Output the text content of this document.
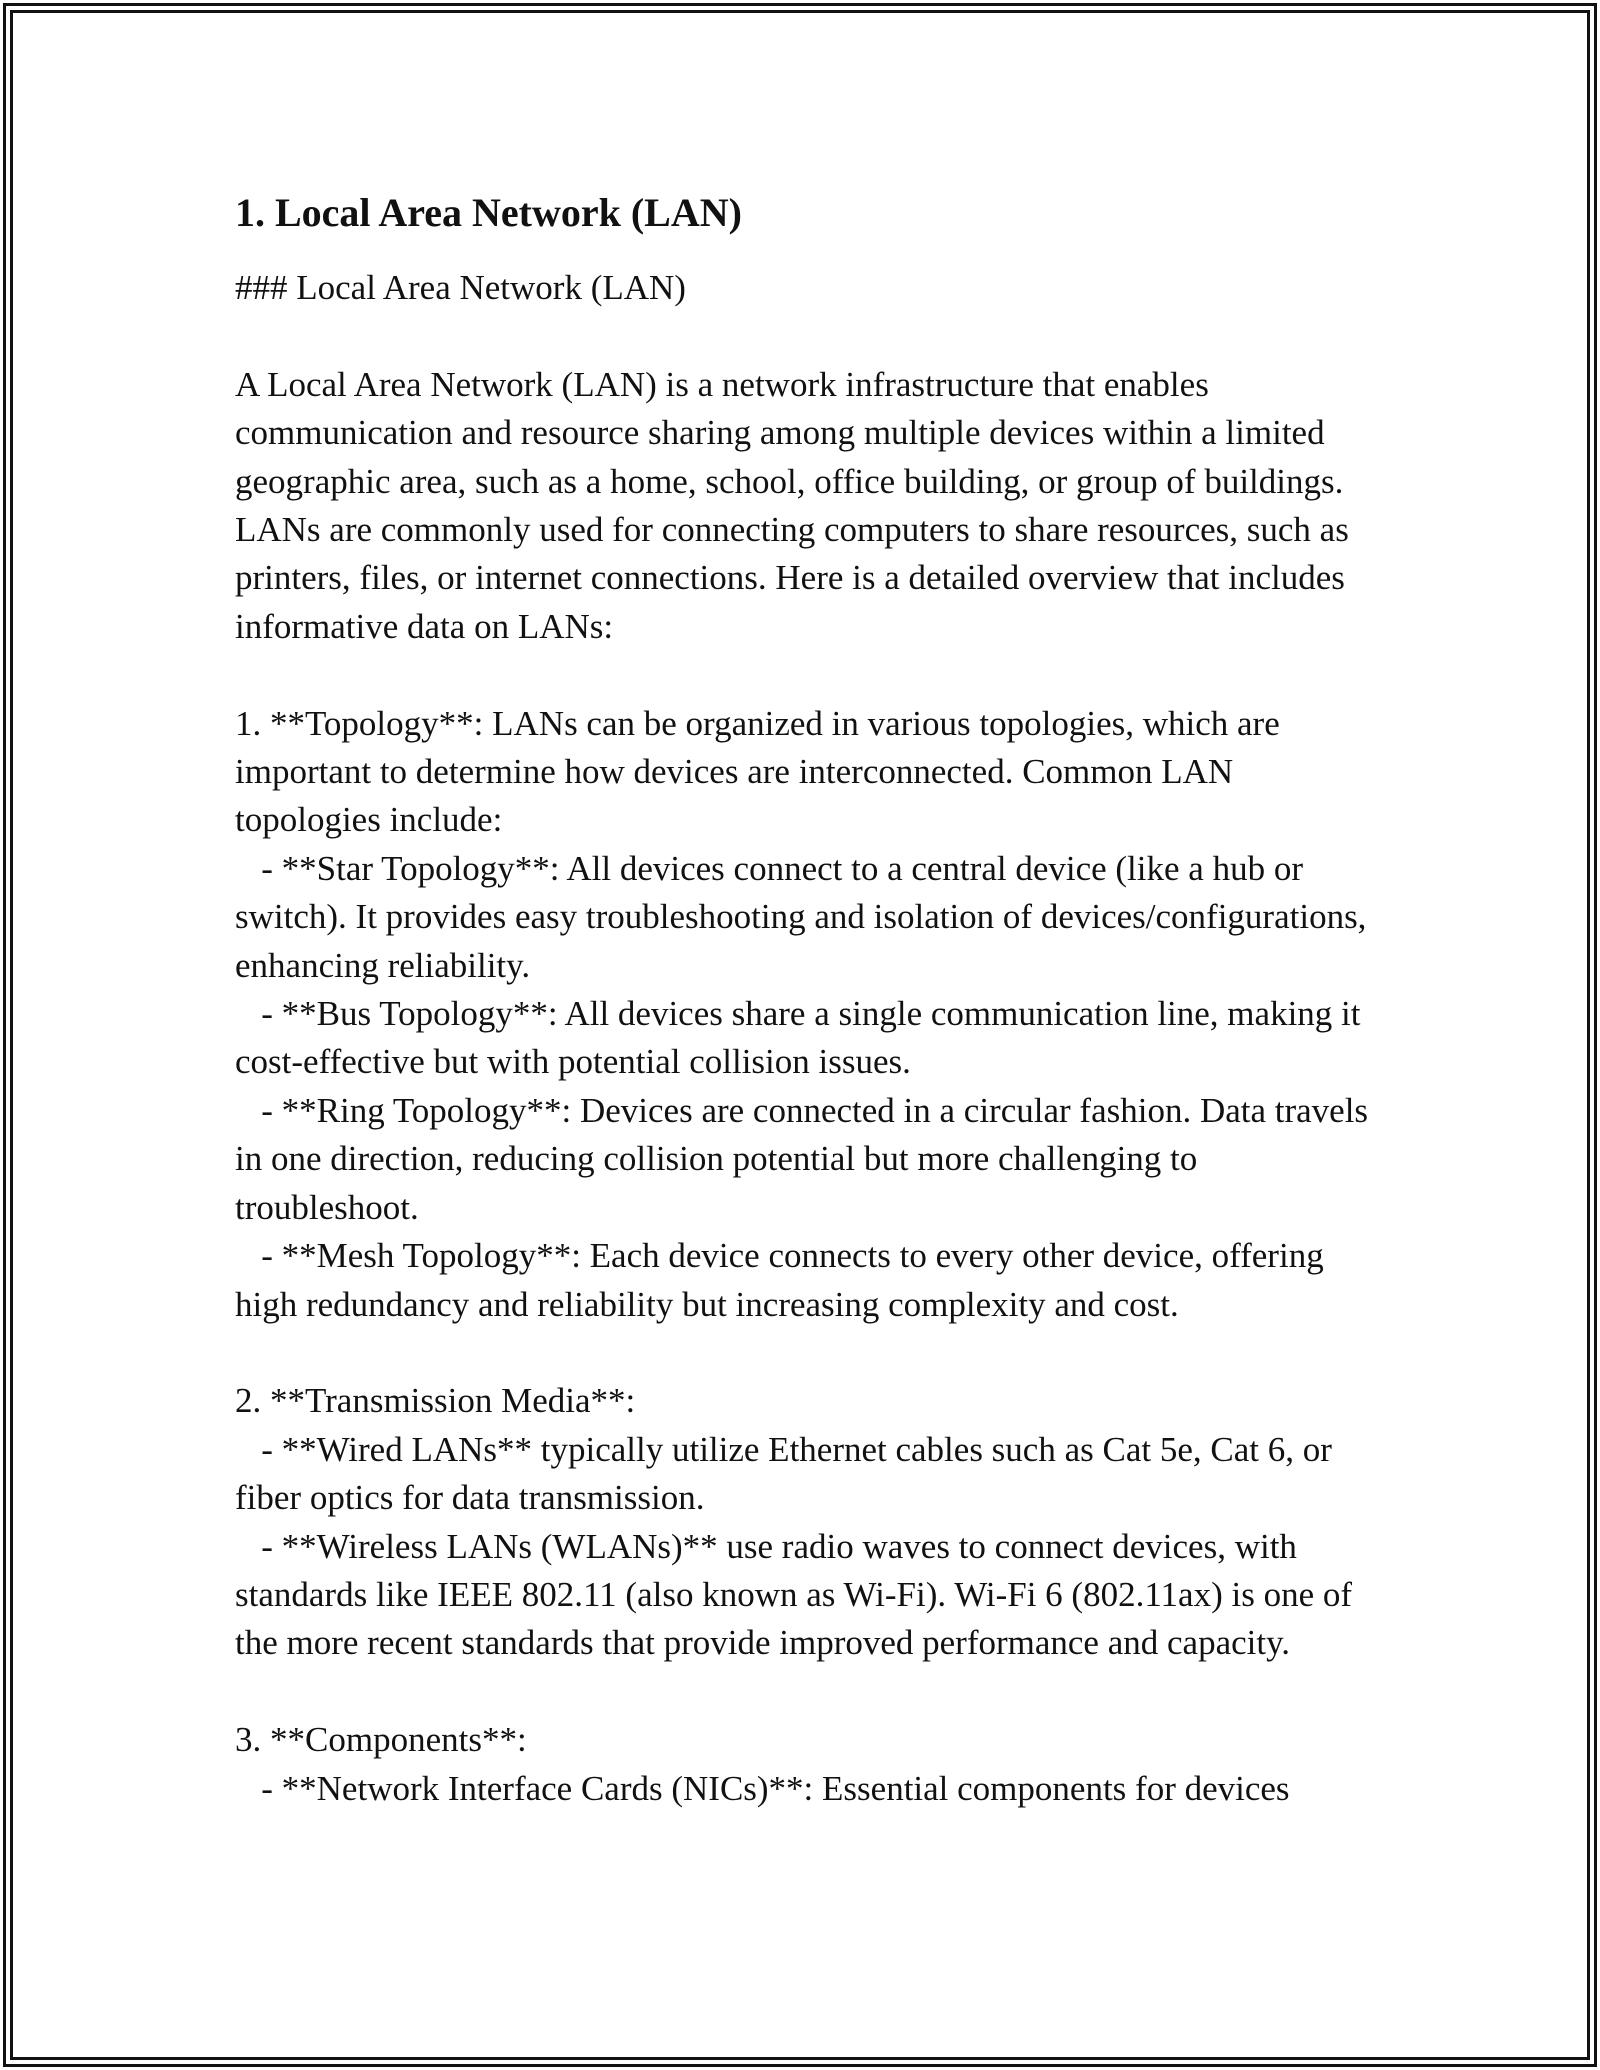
1. Local Area Network (LAN)

### Local Area Network (LAN)

A Local Area Network (LAN) is a network infrastructure that enables communication and resource sharing among multiple devices within a limited geographic area, such as a home, school, office building, or group of buildings. LANs are commonly used for connecting computers to share resources, such as printers, files, or internet connections. Here is a detailed overview that includes informative data on LANs:

1. **Topology**: LANs can be organized in various topologies, which are important to determine how devices are interconnected. Common LAN topologies include:

- **Star Topology**: All devices connect to a central device (like a hub or switch). It provides easy troubleshooting and isolation of devices/configurations, enhancing reliability.

- **Bus Topology**: All devices share a single communication line, making it cost-effective but with potential collision issues.

- **Ring Topology**: Devices are connected in a circular fashion. Data travels in one direction, reducing collision potential but more challenging to troubleshoot.

- **Mesh Topology**: Each device connects to every other device, offering high redundancy and reliability but increasing complexity and cost.

2. **Transmission Media**:

- **Wired LANs** typically utilize Ethernet cables such as Cat 5e, Cat 6, or fiber optics for data transmission.

- **Wireless LANs (WLANs)** use radio waves to connect devices, with standards like IEEE 802.11 (also known as Wi-Fi). Wi-Fi 6 (802.11ax) is one of the more recent standards that provide improved performance and capacity.

3. **Components**:

- **Network Interface Cards (NICs)**: Essential components for devices
